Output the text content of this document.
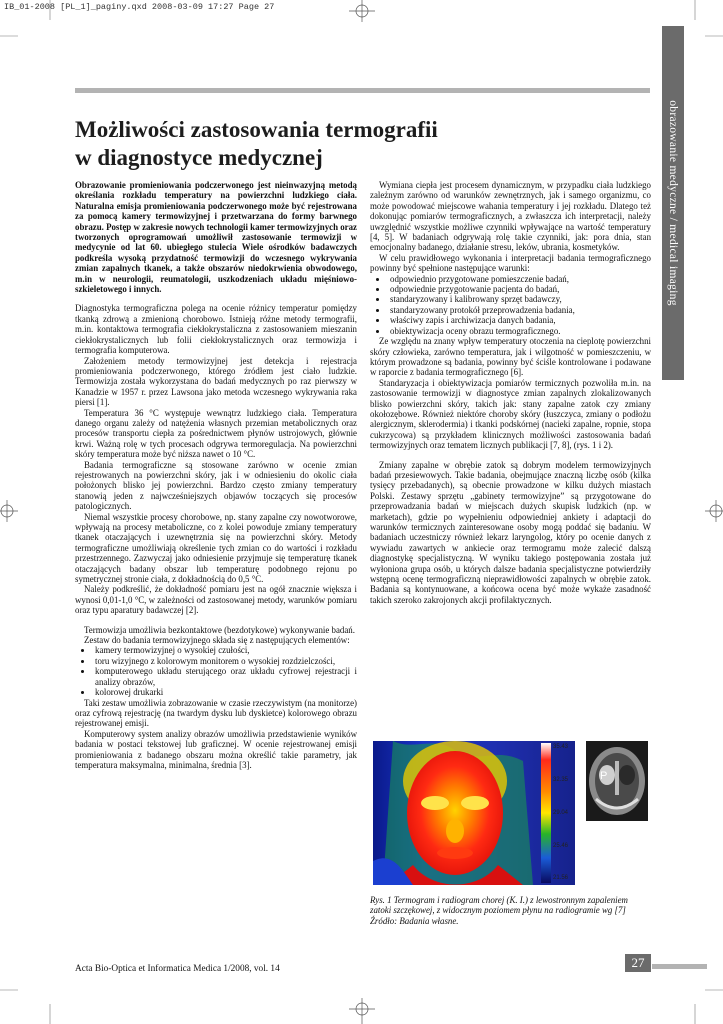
IB_01-2008 [PL_1]_paginy.qxd 2008-03-09 17:27 Page 27
obrazowanie medyczne / medical imaging
Możliwości zastosowania termografii
w diagnostyce medycznej

Obrazowanie promieniowania podczerwonego jest nieinwazyjną metodą określania rozkładu temperatury na powierzchni ludzkiego ciała. Naturalna emisja promieniowania podczerwonego może być rejestrowana za pomocą kamery termowizyjnej i przetwarzana do formy barwnego obrazu. Postęp w zakresie nowych technologii kamer termowizyjnych oraz tworzonych oprogramowań umożliwił zastosowanie termowizji w medycynie od lat 60. ubiegłego stulecia Wiele ośrodków badawczych podkreśla wysoką przydatność termowizji do wczesnego wykrywania zmian zapalnych tkanek, a także obszarów niedokrwienia obwodowego, m.in w neurologii, reumatologii, uszkodzeniach układu mięśniowo-szkieletowego i innych.

Diagnostyka termograficzna polega na ocenie różnicy temperatur pomiędzy tkanką zdrową a zmienioną chorobowo. Istnieją różne metody termografii, m.in. kontaktowa termografia ciekłokrystaliczna z zastosowaniem mieszanin ciekłokrystalicznych lub folii ciekłokrystalicznych oraz termowizja i termografia komputerowa.

Założeniem metody termowizyjnej jest detekcja i rejestracja promieniowania podczerwonego, którego źródłem jest ciało ludzkie. Termowizja została wykorzystana do badań medycznych po raz pierwszy w Kanadzie w 1957 r. przez Lawsona jako metoda wczesnego wykrywania raka piersi [1].

Temperatura 36 °C występuje wewnątrz ludzkiego ciała. Temperatura danego organu zależy od natężenia własnych przemian metabolicznych oraz procesów transportu ciepła za pośrednictwem płynów ustrojowych, głównie krwi. Ważną rolę w tych procesach odgrywa termoregulacja. Na powierzchni skóry temperatura może być niższa nawet o 10 °C.

Badania termograficzne są stosowane zarówno w ocenie zmian rejestrowanych na powierzchni skóry, jak i w odniesieniu do okolic ciała położonych blisko jej powierzchni. Bardzo często zmiany temperatury stanowią jeden z najwcześniejszych objawów toczących się procesów patologicznych.

Niemal wszystkie procesy chorobowe, np. stany zapalne czy nowotworowe, wpływają na procesy metaboliczne, co z kolei powoduje zmiany temperatury tkanek otaczających i uzewnętrznia się na powierzchni skóry. Metody termograficzne umożliwiają określenie tych zmian co do wartości i rozkładu przestrzennego. Zazwyczaj jako odniesienie przyjmuje się temperaturę tkanek otaczających badany obszar lub temperaturę podobnego rejonu po symetrycznej stronie ciała, z dokładnością do 0,5 °C.

Należy podkreślić, że dokładność pomiaru jest na ogół znacznie większa i wynosi 0,01-1,0 °C, w zależności od zastosowanej metody, warunków pomiaru oraz typu aparatury badawczej [2].

Termowizja umożliwia bezkontaktowe (bezdotykowe) wykonywanie badań.

Zestaw do badania termowizyjnego składa się z następujących elementów:

• kamery termowizyjnej o wysokiej czułości,
• toru wizyjnego z kolorowym monitorem o wysokiej rozdzielczości,
• komputerowego układu sterującego oraz układu cyfrowej rejestracji i analizy obrazów,
• kolorowej drukarki

Taki zestaw umożliwia zobrazowanie w czasie rzeczywistym (na monitorze) oraz cyfrową rejestrację (na twardym dysku lub dyskietce) kolorowego obrazu rejestrowanej emisji.

Komputerowy system analizy obrazów umożliwia przedstawienie wyników badania w postaci tekstowej lub graficznej. W ocenie rejestrowanej emisji promieniowania z badanego obszaru można określić takie parametry, jak temperatura maksymalna, minimalna, średnia [3].

Wymiana ciepła jest procesem dynamicznym, w przypadku ciała ludzkiego zależnym zarówno od warunków zewnętrznych, jak i samego organizmu, co może powodować miejscowe wahania temperatury i jej rozkładu. Dlatego też dokonując pomiarów termograficznych, a zwłaszcza ich interpretacji, należy uwzględnić wszystkie możliwe czynniki wpływające na wartość temperatury [4, 5]. W badaniach odgrywają rolę takie czynniki, jak: pora dnia, stan emocjonalny badanego, działanie stresu, leków, ubrania, kosmetyków.

W celu prawidłowego wykonania i interpretacji badania termograficznego powinny być spełnione następujące warunki:

• odpowiednio przygotowane pomieszczenie badań,
• odpowiednie przygotowanie pacjenta do badań,
• standaryzowany i kalibrowany sprzęt badawczy,
• standaryzowany protokół przeprowadzenia badania,
• właściwy zapis i archiwizacja danych badania,
• obiektywizacja oceny obrazu termograficznego.

Ze względu na znany wpływ temperatury otoczenia na cieplotę powierzchni skóry człowieka, zarówno temperatura, jak i wilgotność w pomieszczeniu, w którym prowadzone są badania, powinny być ściśle kontrolowane i podawane w raporcie z badania termograficznego [6].

Standaryzacja i obiektywizacja pomiarów termicznych pozwoliła m.in. na zastosowanie termowizji w diagnostyce zmian zapalnych zlokalizowanych blisko powierzchni skóry, takich jak: stany zapalne zatok czy zmiany okołozębowe. Również niektóre choroby skóry (łuszczyca, zmiany o podłożu alergicznym, sklerodermia) i tkanki podskórnej (nacieki zapalne, ropnie, stopa cukrzycowa) są przykładem klinicznych możliwości zastosowania badań termowizyjnych oraz tematem licznych publikacji [7, 8], (rys. 1 i 2).

Zmiany zapalne w obrębie zatok są dobrym modelem termowizyjnych badań przesiewowych. Takie badania, obejmujące znaczną liczbę osób (kilka tysięcy przebadanych), są obecnie prowadzone w kilku dużych miastach Polski. Zestawy sprzętu „gabinety termowizyjne” są przygotowane do przeprowadzania badań w miejscach dużych skupisk ludzkich (np. w marketach), gdzie po wypełnieniu odpowiedniej ankiety i adaptacji do warunków termicznych zainteresowane osoby mogą poddać się badaniu. W badaniach uczestniczy również lekarz laryngolog, który po ocenie danych z wywiadu zawartych w ankiecie oraz termogramu może zalecić dalszą diagnostykę specjalistyczną. W wyniku takiego postępowania została już wyłoniona grupa osób, u których dalsze badania specjalistyczne potwierdziły wstępną ocenę termograficzną nieprawidłowości zapalnych w obrębie zatok. Badania są kontynuowane, a końcowa ocena być może wykaże zasadność takich szeroko zakrojonych akcji profilaktycznych.

35.43
32.35
29.04
25.46
21.56
P
Rys. 1 Termogram i radiogram chorej (K. I.) z lewostronnym zapaleniem zatoki szczękowej, z widocznym poziomem płynu na radiogramie wg [7]
Źródło: Badania własne.
Acta Bio-Optica et Informatica Medica 1/2008, vol. 14	27
